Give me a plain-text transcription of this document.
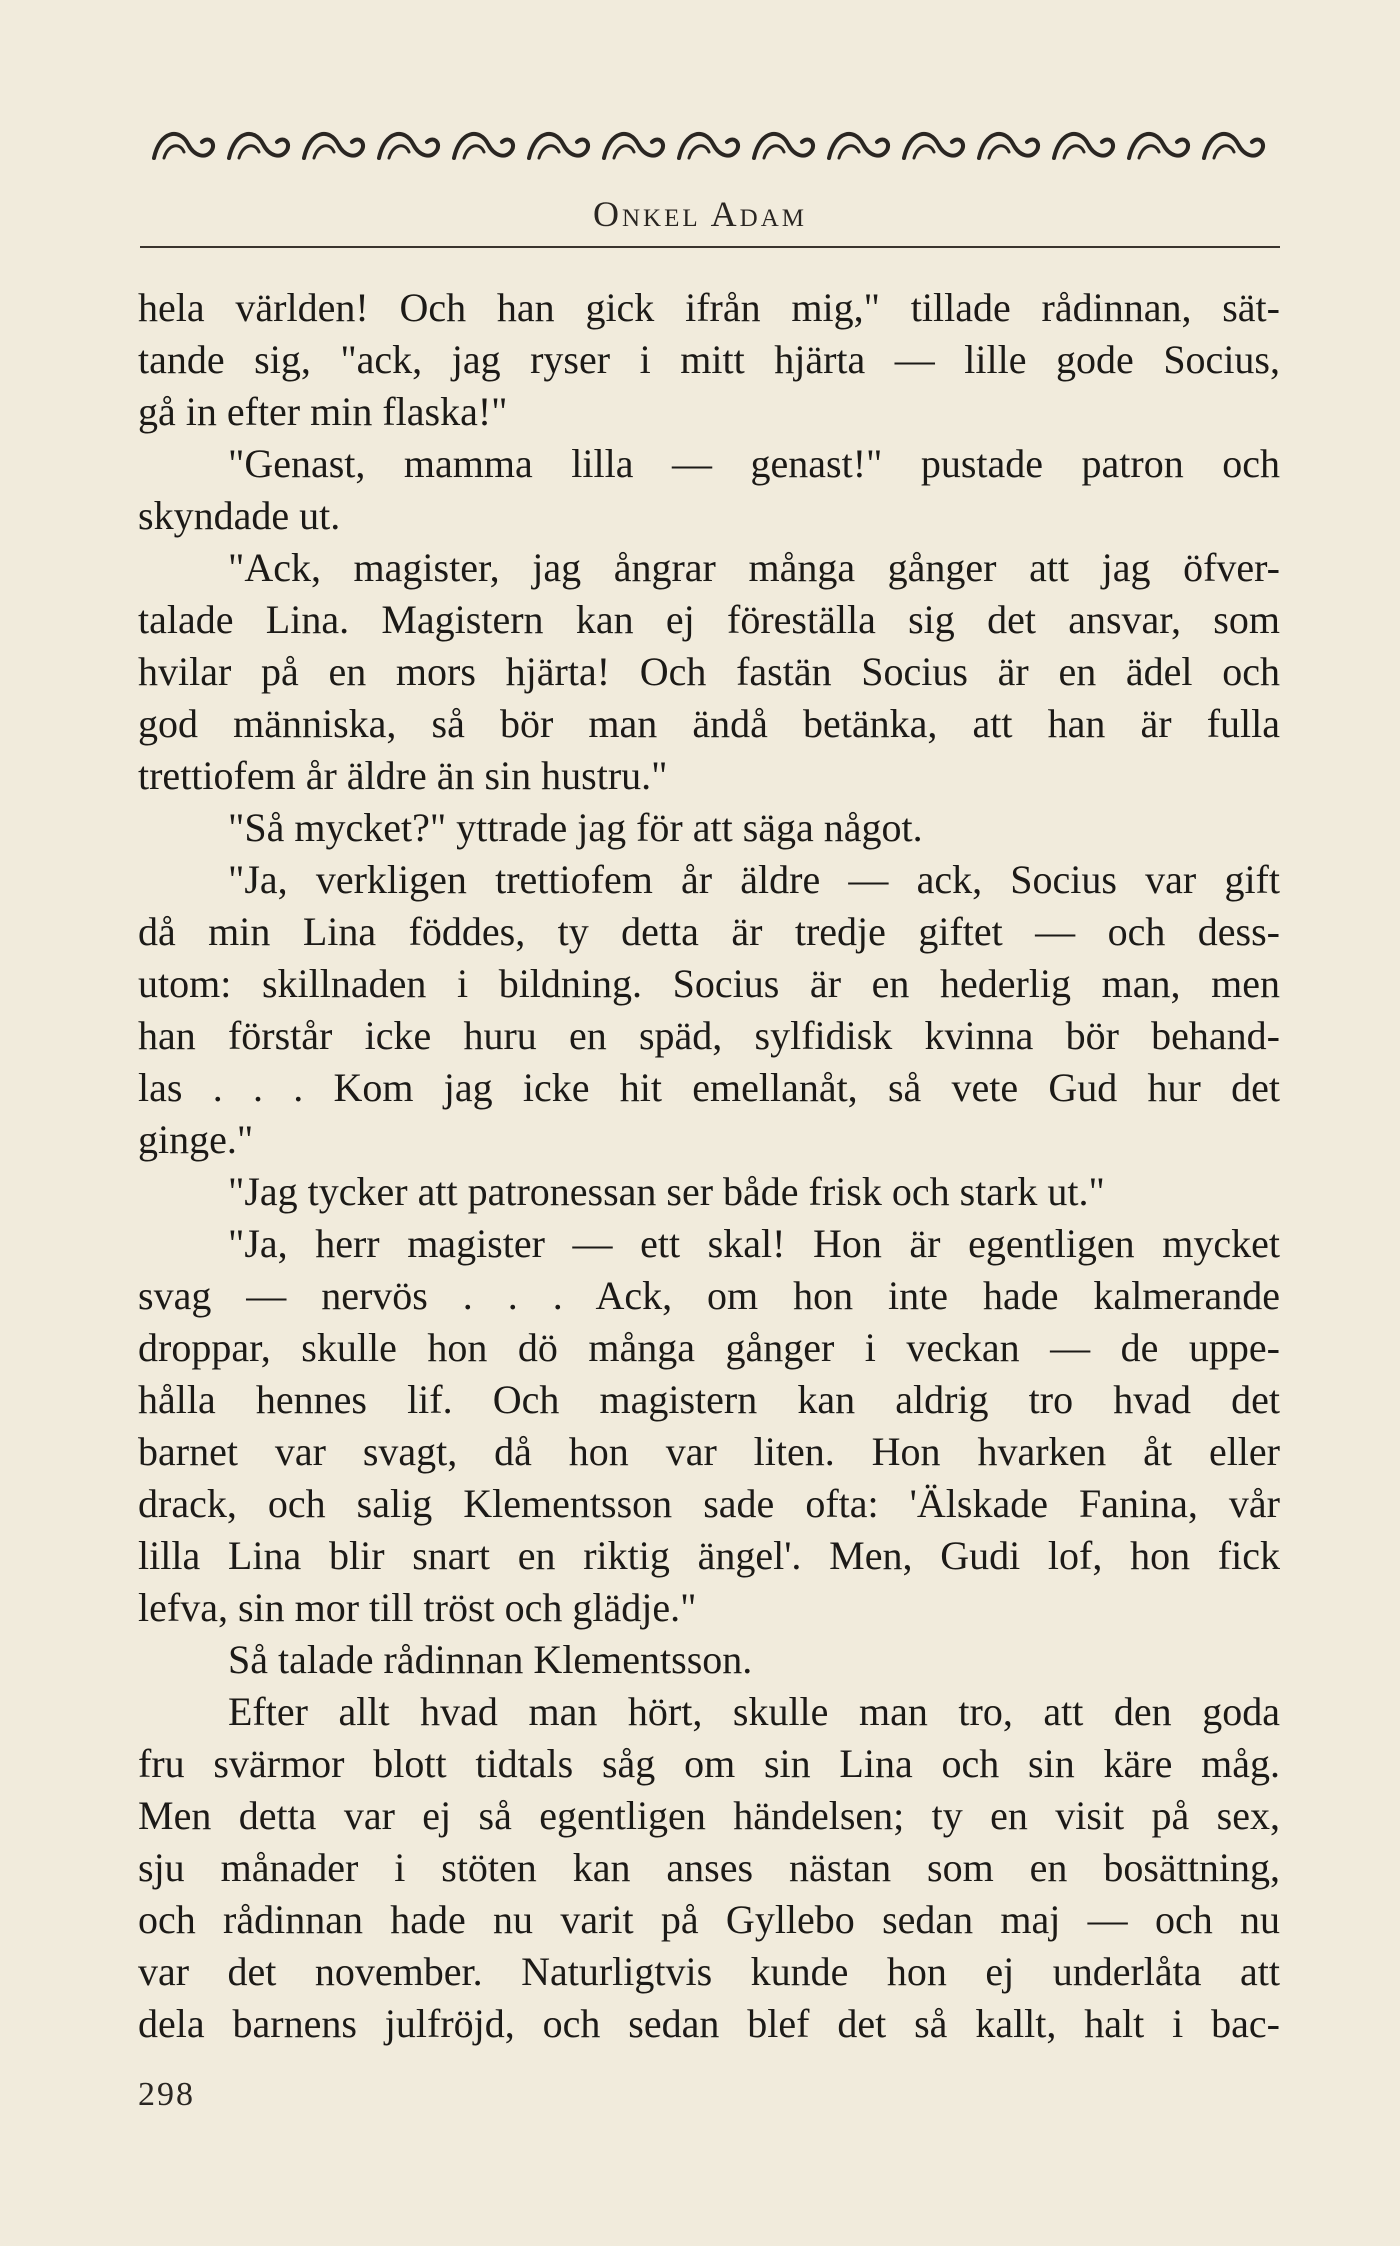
Onkel Adam
hela världen! Och han gick ifrån mig," tillade rådinnan, sät-
tande sig, "ack, jag ryser i mitt hjärta — lille gode Socius,
gå in efter min flaska!"
"Genast, mamma lilla — genast!" pustade patron och
skyndade ut.
"Ack, magister, jag ångrar många gånger att jag öfver-
talade Lina. Magistern kan ej föreställa sig det ansvar, som
hvilar på en mors hjärta! Och fastän Socius är en ädel och
god människa, så bör man ändå betänka, att han är fulla
trettiofem år äldre än sin hustru."
"Så mycket?" yttrade jag för att säga något.
"Ja, verkligen trettiofem år äldre — ack, Socius var gift
då min Lina föddes, ty detta är tredje giftet — och dess-
utom: skillnaden i bildning. Socius är en hederlig man, men
han förstår icke huru en späd, sylfidisk kvinna bör behand-
las . . . Kom jag icke hit emellanåt, så vete Gud hur det
ginge."
"Jag tycker att patronessan ser både frisk och stark ut."
"Ja, herr magister — ett skal! Hon är egentligen mycket
svag — nervös . . . Ack, om hon inte hade kalmerande
droppar, skulle hon dö många gånger i veckan — de uppe-
hålla hennes lif. Och magistern kan aldrig tro hvad det
barnet var svagt, då hon var liten. Hon hvarken åt eller
drack, och salig Klementsson sade ofta: 'Älskade Fanina, vår
lilla Lina blir snart en riktig ängel'. Men, Gudi lof, hon fick
lefva, sin mor till tröst och glädje."
Så talade rådinnan Klementsson.
Efter allt hvad man hört, skulle man tro, att den goda
fru svärmor blott tidtals såg om sin Lina och sin käre måg.
Men detta var ej så egentligen händelsen; ty en visit på sex,
sju månader i stöten kan anses nästan som en bosättning,
och rådinnan hade nu varit på Gyllebo sedan maj — och nu
var det november. Naturligtvis kunde hon ej underlåta att
dela barnens julfröjd, och sedan blef det så kallt, halt i bac-
298
